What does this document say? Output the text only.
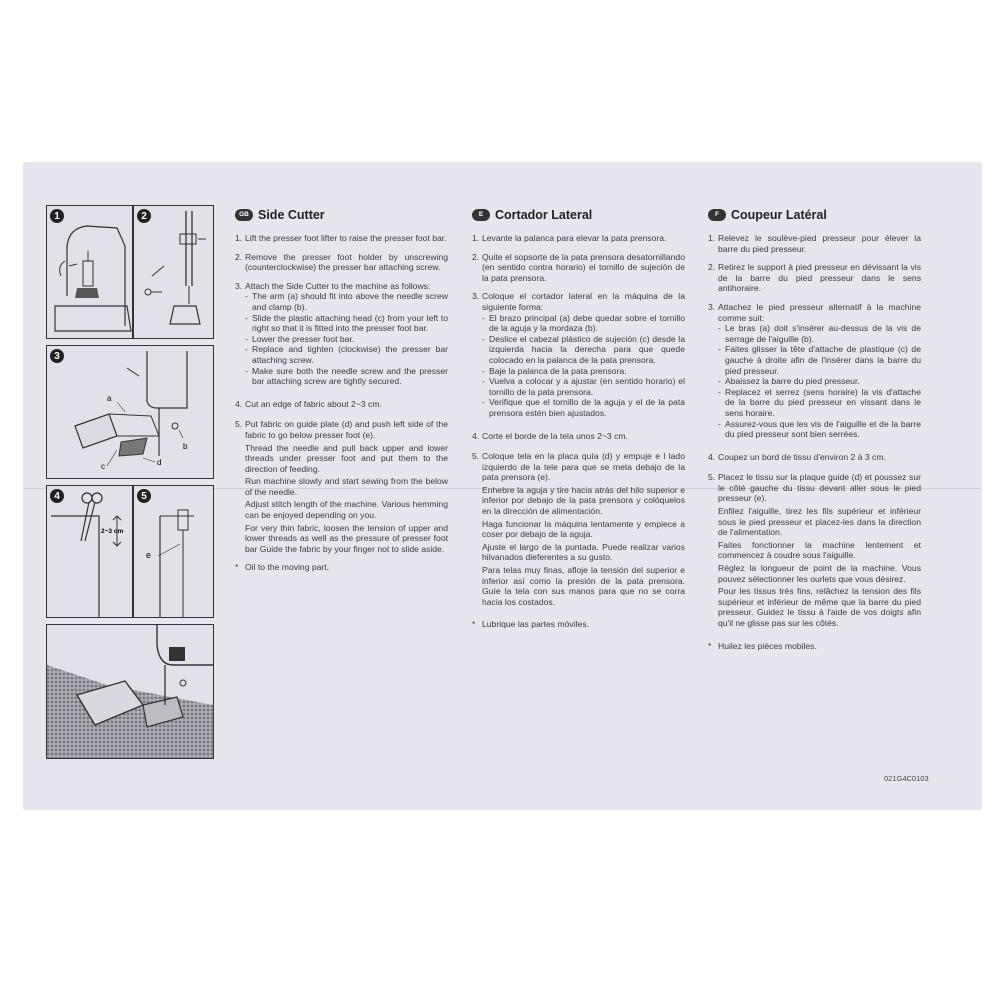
1	2
3
a
b
c	d
4
2~3 cm
5
e
GB Side Cutter
1. Lift the presser foot lifter to raise the presser foot bar.
2. Remove the presser foot holder by unscrewing (counterclockwise) the presser bar attaching screw.
3. Attach the Side Cutter to the machine as follows:
- The arm (a) should fit into above the needle screw and clamp (b).
- Slide the plastic attaching head (c) from your left to right so that it is fitted into the presser foot bar.
- Lower the presser foot bar.
- Replace and tighten (clockwise) the presser bar attaching screw.
- Make sure both the needle screw and the presser bar attaching screw are tightly secured.
4. Cut an edge of fabric about 2~3 cm.
5. Put fabric on guide plate (d) and push left side of the fabric to go below presser foot (e).
Thread the needle and pull back upper and lower threads under presser foot and put them to the direction of feeding.
Run machine slowly and start sewing from the below of the needle.
Adjust stitch length of the machine. Various hemming can be enjoyed depending on you.
For very thin fabric, loosen the tension of upper and lower threads as well as the pressure of presser foot bar Guide the fabric by your finger not to slide aside.
* Oil to the moving part.
E Cortador Lateral
1. Levante la palanca para elevar la pata prensora.
2. Quite el sopsorte de la pata prensora desatornillando (en sentido contra horario) el tornillo de sujeción de la pata prensora.
3. Coloque el cortador lateral en la máquina de la siguiente forma:
- El brazo principal (a) debe quedar sobre el tornillo de la aguja y la mordaza (b).
- Deslice el cabezal plástico de sujeción (c) desde la izquierda hacia la derecha para que quede colocado en la palanca de la pata prensora.
- Baje la palanca de la pata prensora.
- Vuelva a colocar y a ajustar (en sentido horario) el tornillo de la pata prensora.
- Verifique que el tornillo de la aguja y el de la pata prensora estén bien ajustados.
4. Corte el borde de la tela unos 2~3 cm.
5. Coloque tela en la placa quía (d) y empuje e l lado izquierdo de la tele para que se meta debajo de la pata prensora (e).
Enhebre la aguja y tire hacia atrás del hilo superior e inferior por debajo de la pata prensora y colóquelos en la dirección de alimentación.
Haga funcionar la máquina lentamente y empiece a coser por debajo de la aguja.
Ajuste el largo de la puntada. Puede realizar varios hilvanados dieferentes a su gusto.
Para telas muy finas, afloje la tensión del superior e inferior así como la presión de la pata prensora. Guíe la tela con sus manos para que no se corra hacia los costados.
* Lubrique las partes móviles.
F Coupeur Latéral
1. Relevez le soulève-pied presseur pour élever la barre du pied presseur.
2. Retirez le support à pied presseur en dévissant la vis de la barre du pied presseur dans le sens antihoraire.
3. Attachez le pied presseur alternatif à la machine comme suit:
- Le bras (a) doit s'insérer au-dessus de la vis de serrage de l'aiguille (b).
- Faites glisser la tête d'attache de plastique (c) de gauche à droite afin de l'insérer dans la barre du pied presseur.
- Abaissez la barre du pied presseur.
- Replacez et serrez (sens horaire) la vis d'attache de la barre du pied presseur en vissant dans le sens horaire.
- Assurez-vous que les vis de l'aiguille et de la barre du pied presseur sont bien serrées.
4. Coupez un bord de tissu d'environ 2 à 3 cm.
5. Placez le tissu sur la plaque guide (d) et poussez sur le côté gauche du tissu devant aller sous le pied presseur (e).
Enfilez l'aiguille, tirez les fils supérieur et inférieur sous le pied presseur et placez-les dans la direction de l'alimentation.
Faites fonctionner la machine lentement et commencez à coudre sous l'aiguille.
Réglez la longueur de point de la machine. Vous pouvez sélectionner les ourlets que vous désirez.
Pour les tissus très fins, relâchez la tension des fils supérieur et inférieur de même que la barre du pied presseur. Guidez le tissu à l'aide de vos doigts afin qu'il ne glisse pas sur les côtés.
* Huilez les pièces mobiles.
021G4C0103
